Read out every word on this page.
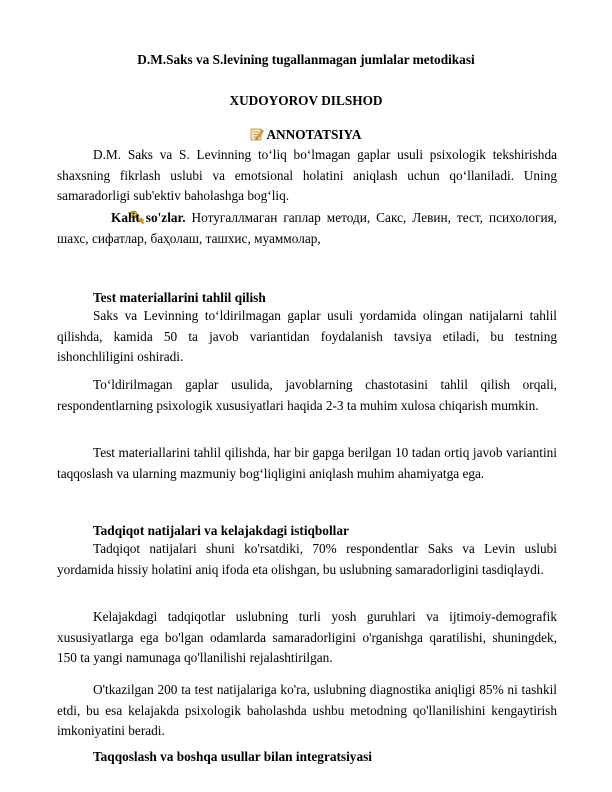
D.M.Saks va S.levining tugallanmagan jumlalar metodikasi
XUDOYOROV DILSHOD
ANNOTATSIYA
D.M. Saks va S. Levinning to‘liq bo‘lmagan gaplar usuli psixologik tekshirishda shaxsning fikrlash uslubi va emotsional holatini aniqlash uchun qo‘llaniladi. Uning samaradorligi sub'ektiv baholashga bog‘liq.
Kalit so'zlar. Нотугаллмаган гаплар методи, Сакс, Левин, тест, психология, шахс, сифатлар, баҳолаш, ташхис, муаммолар,
Test materiallarini tahlil qilish
Saks va Levinning to‘ldirilmagan gaplar usuli yordamida olingan natijalarni tahlil qilishda, kamida 50 ta javob variantidan foydalanish tavsiya etiladi, bu testning ishonchliligini oshiradi.
To‘ldirilmagan gaplar usulida, javoblarning chastotasini tahlil qilish orqali, respondentlarning psixologik xususiyatlari haqida 2-3 ta muhim xulosa chiqarish mumkin.
Test materiallarini tahlil qilishda, har bir gapga berilgan 10 tadan ortiq javob variantini taqqoslash va ularning mazmuniy bog‘liqligini aniqlash muhim ahamiyatga ega.
Tadqiqot natijalari va kelajakdagi istiqbollar
Tadqiqot natijalari shuni ko'rsatdiki, 70% respondentlar Saks va Levin uslubi yordamida hissiy holatini aniq ifoda eta olishgan, bu uslubning samaradorligini tasdiqlaydi.
Kelajakdagi tadqiqotlar uslubning turli yosh guruhlari va ijtimoiy-demografik xususiyatlarga ega bo'lgan odamlarda samaradorligini o'rganishga qaratilishi, shuningdek, 150 ta yangi namunaga qo'llanilishi rejalashtirilgan.
O'tkazilgan 200 ta test natijalariga ko'ra, uslubning diagnostika aniqligi 85% ni tashkil etdi, bu esa kelajakda psixologik baholashda ushbu metodning qo'llanilishini kengaytirish imkoniyatini beradi.
Taqqoslash va boshqa usullar bilan integratsiyasi
